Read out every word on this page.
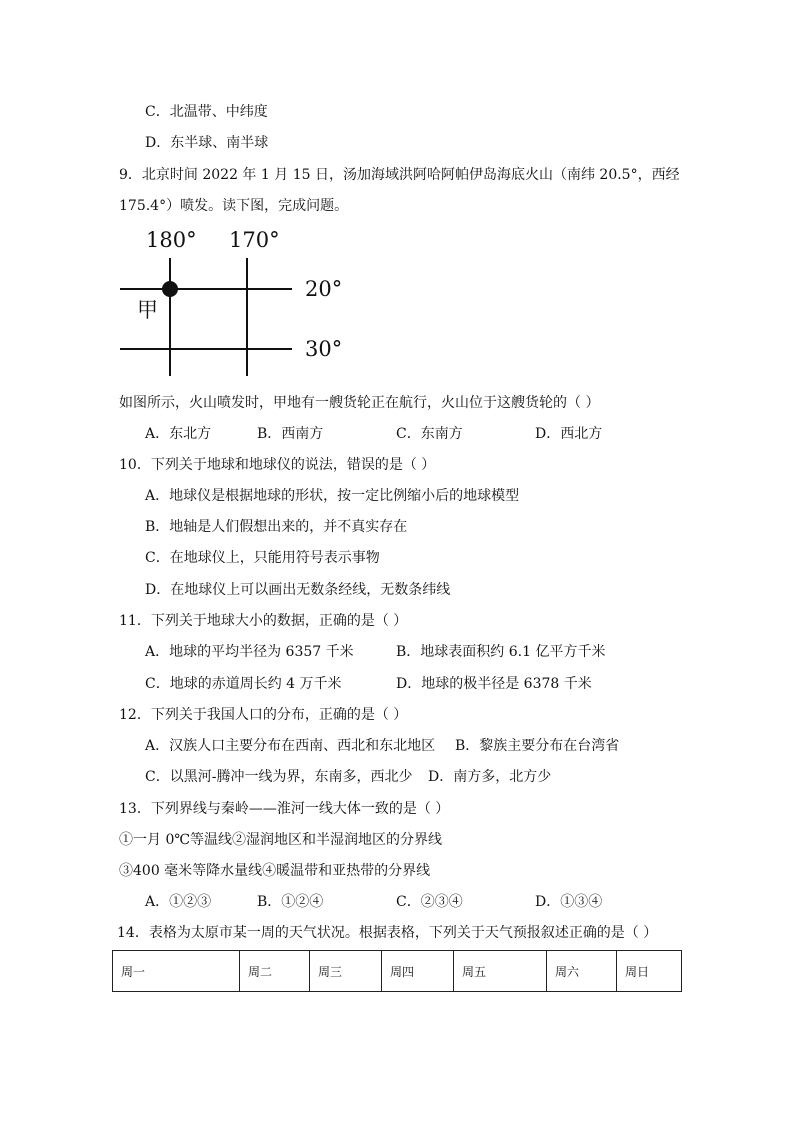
C．北温带、中纬度
D．东半球、南半球
9．北京时间 2022 年 1 月 15 日，汤加海域洪阿哈阿帕伊岛海底火山（南纬 20.5°，西经
175.4°）喷发。读下图，完成问题。
180° 170°
20°
30°
甲
如图所示，火山喷发时，甲地有一艘货轮正在航行，火山位于这艘货轮的（ ）
A．东北方	B．西南方	C．东南方	D．西北方
10．下列关于地球和地球仪的说法，错误的是（ ）
A．地球仪是根据地球的形状，按一定比例缩小后的地球模型
B．地轴是人们假想出来的，并不真实存在
C．在地球仪上，只能用符号表示事物
D．在地球仪上可以画出无数条经线，无数条纬线
11．下列关于地球大小的数据，正确的是（ ）
A．地球的平均半径为 6357 千米	B．地球表面积约 6.1 亿平方千米
C．地球的赤道周长约 4 万千米	D．地球的极半径是 6378 千米
12．下列关于我国人口的分布，正确的是（ ）
A．汉族人口主要分布在西南、西北和东北地区 B．黎族主要分布在台湾省
C．以黑河-腾冲一线为界，东南多，西北少 D．南方多，北方少
13．下列界线与秦岭——淮河一线大体一致的是（ ）
①一月 0℃等温线②湿润地区和半湿润地区的分界线
③400 毫米等降水量线④暖温带和亚热带的分界线
A．①②③	B．①②④	C．②③④	D．①③④
14．表格为太原市某一周的天气状况。根据表格，下列关于天气预报叙述正确的是（ ）
周一	周二	周三	周四	周五	周六	周日
